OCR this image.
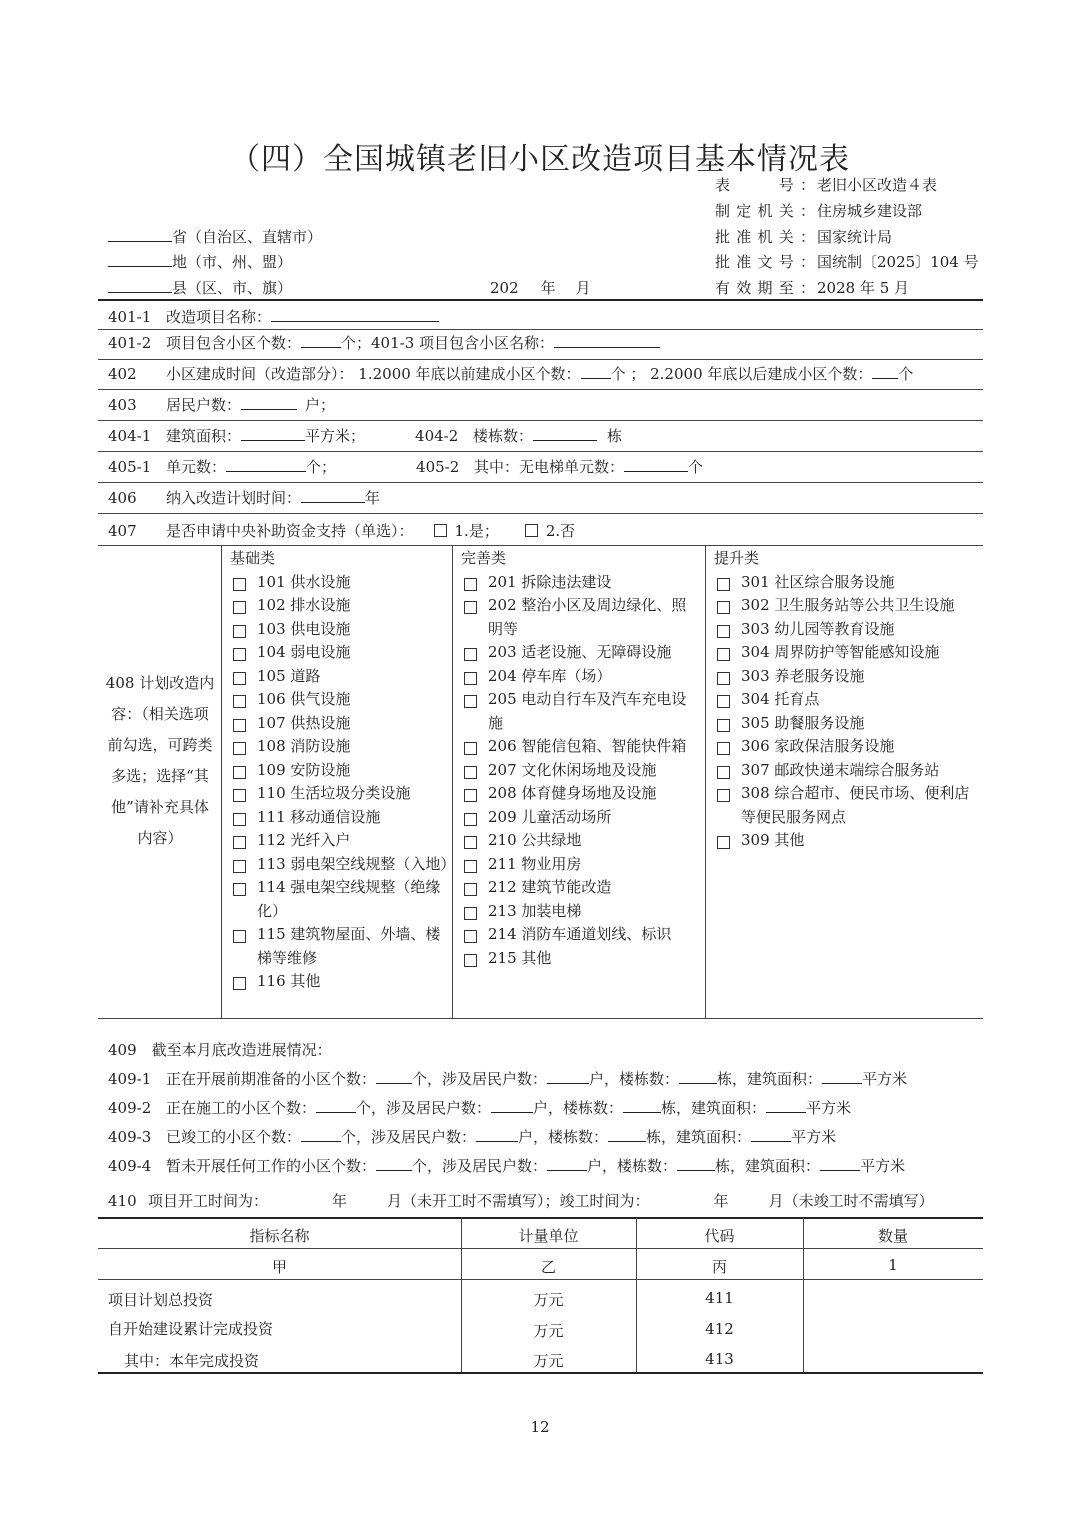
（四）全国城镇老旧小区改造项目基本情况表
表　　号： 老旧小区改造４表
制定机关： 住房城乡建设部
批准机关： 国家统计局
批准文号： 国统制〔2025〕104 号
有效期至： 2028 年 5 月
省（自治区、直辖市）
地（市、州、盟）
县（区、市、旗）	202 年 月
401-1 改造项目名称：
401-2 项目包含小区个数：	个；401-3 项目包含小区名称：
402 小区建成时间（改造部分）： 1.2000 年底以前建成小区个数： 个 ； 2.2000 年底以后建成小区个数： 个
403 居民户数：	户；
404-1 建筑面积：	平方米；	404-2 楼栋数：	栋
405-1 单元数：	个；	405-2 其中：无电梯单元数：	个
406 纳入改造计划时间：	年
407 是否申请中央补助资金支持（单选）：	1.是；	2.否
408 计划改造内容：（相关选项前勾选，可跨类多选；选择“其他”请补充具体内容）
基础类
101 供水设施
102 排水设施
103 供电设施
104 弱电设施
105 道路
106 供气设施
107 供热设施
108 消防设施
109 安防设施
110 生活垃圾分类设施
111 移动通信设施
112 光纤入户
113 弱电架空线规整（入地）
114 强电架空线规整（绝缘化）
115 建筑物屋面、外墙、楼梯等维修
116 其他
完善类
201 拆除违法建设
202 整治小区及周边绿化、照明等
203 适老设施、无障碍设施
204 停车库（场）
205 电动自行车及汽车充电设施
206 智能信包箱、智能快件箱
207 文化休闲场地及设施
208 体育健身场地及设施
209 儿童活动场所
210 公共绿地
211 物业用房
212 建筑节能改造
213 加装电梯
214 消防车通道划线、标识
215 其他
提升类
301 社区综合服务设施
302 卫生服务站等公共卫生设施
303 幼儿园等教育设施
304 周界防护等智能感知设施
303 养老服务设施
304 托育点
305 助餐服务设施
306 家政保洁服务设施
307 邮政快递末端综合服务站
308 综合超市、便民市场、便利店等便民服务网点
309 其他
409　截至本月底改造进展情况：
409-1 正在开展前期准备的小区个数： 个，涉及居民户数：	户，楼栋数：	栋，建筑面积：	平方米
409-2 正在施工的小区个数：	个，涉及居民户数：	户，楼栋数：	栋，建筑面积：	平方米
409-3 已竣工的小区个数：	个，涉及居民户数：	户，楼栋数：	栋，建筑面积：	平方米
409-4 暂未开展任何工作的小区个数： 个，涉及居民户数：	户，楼栋数：	栋，建筑面积：	平方米
410 项目开工时间为：	年	月（未开工时不需填写）；竣工时间为：	年	月（未竣工时不需填写）
指标名称	计量单位	代码	数量
甲	乙	丙	1
项目计划总投资	万元	411
自开始建设累计完成投资	万元	412
其中：本年完成投资	万元	413
12
